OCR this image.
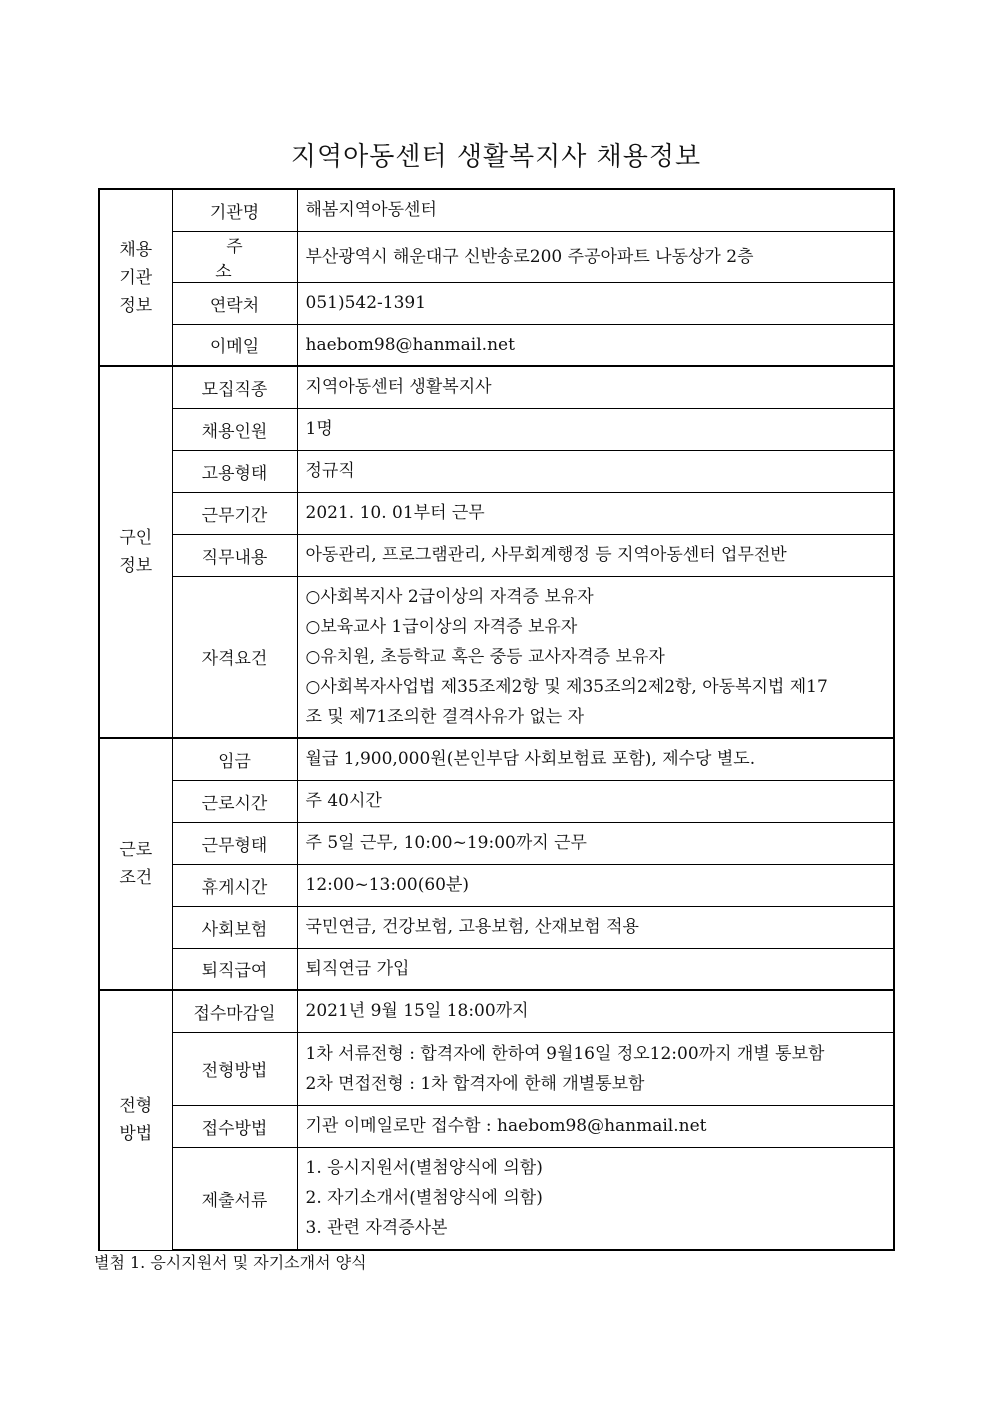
지역아동센터 생활복지사 채용정보
채용
기관
정보	기관명	해봄지역아동센터

	주 소	부산광역시 해운대구 신반송로200 주공아파트 나동상가 2층

	연락처	051)542-1391

	이메일	haebom98@hanmail.net

구인
정보	모집직종	지역아동센터 생활복지사

	채용인원	1명

	고용형태	정규직

	근무기간	2021. 10. 01부터 근무

	직무내용	아동관리, 프로그램관리, 사무회계행정 등 지역아동센터 업무전반

	자격요건	○사회복지사 2급이상의 자격증 보유자
○보육교사 1급이상의 자격증 보유자
○유치원, 초등학교 혹은 중등 교사자격증 보유자
○사회복자사업법 제35조제2항 및 제35조의2제2항, 아동복지법 제17
조 및 제71조의한 결격사유가 없는 자

근로
조건	임금	월급 1,900,000원(본인부담 사회보험료 포함), 제수당 별도.

	근로시간	주 40시간

	근무형태	주 5일 근무, 10:00~19:00까지 근무

	휴게시간	12:00~13:00(60분)

	사회보험	국민연금, 건강보험, 고용보험, 산재보험 적용

	퇴직급여	퇴직연금 가입

전형
방법	접수마감일	2021년 9월 15일 18:00까지

	전형방법	1차 서류전형 : 합격자에 한하여 9월16일 정오12:00까지 개별 통보함
2차 면접전형 : 1차 합격자에 한해 개별통보함

	접수방법	기관 이메일로만 접수함 : haebom98@hanmail.net

	제출서류	1. 응시지원서(별첨양식에 의함)
2. 자기소개서(별첨양식에 의함)
3. 관련 자격증사본
별첨 1. 응시지원서 및 자기소개서 양식
